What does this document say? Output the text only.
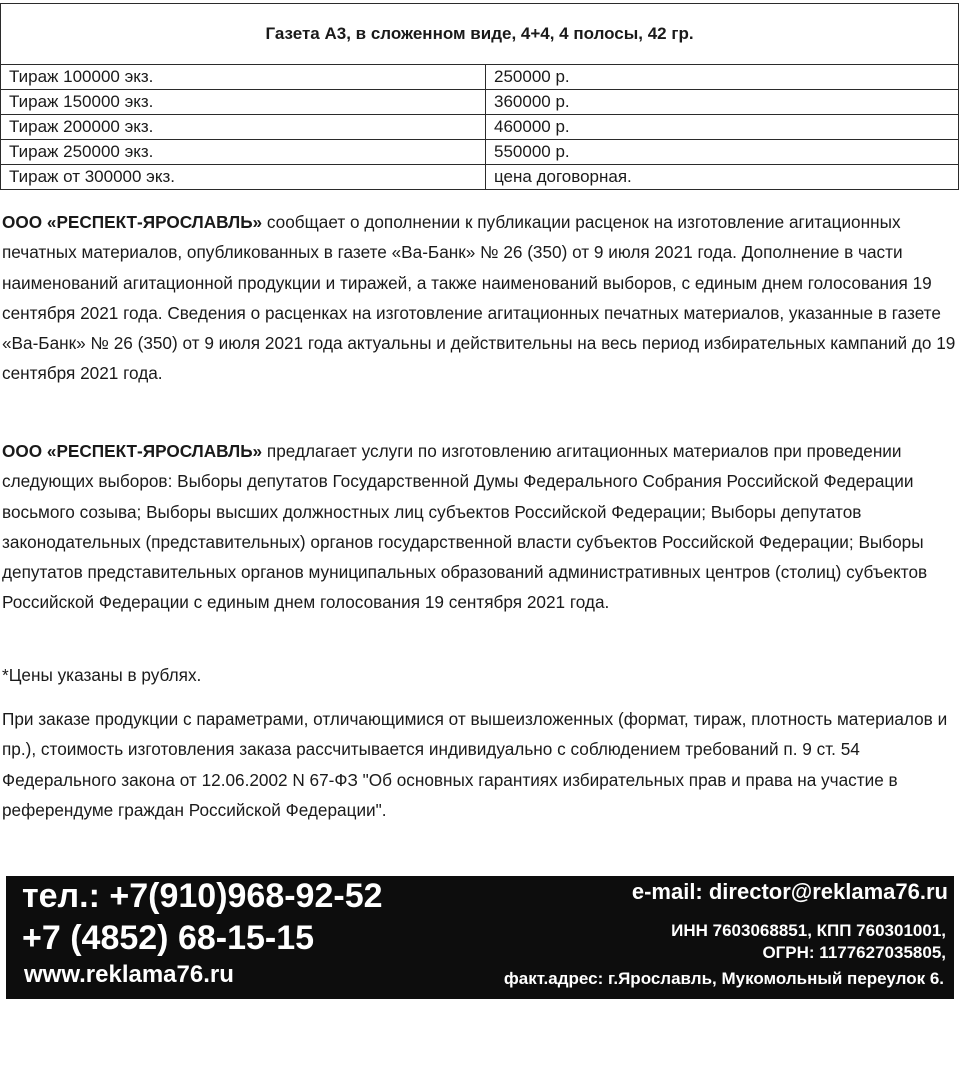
Газета А3, в сложенном виде, 4+4, 4 полосы, 42 гр.	
Тираж 100000 экз.	250000 р.
Тираж 150000 экз.	360000 р.
Тираж 200000 экз.	460000 р.
Тираж 250000 экз.	550000 р.
Тираж от 300000 экз.	цена договорная.

ООО «РЕСПЕКТ-ЯРОСЛАВЛЬ» сообщает о дополнении к публикации расценок на изготовление агитационных печатных материалов, опубликованных в газете «Ва-Банк» № 26 (350) от 9 июля 2021 года. Дополнение в части наименований агитационной продукции и тиражей, а также наименований выборов, с единым днем голосования 19 сентября 2021 года. Сведения о расценках на изготовление агитационных печатных материалов, указанные в газете «Ва-Банк» № 26 (350) от 9 июля 2021 года актуальны и действительны на весь период избирательных кампаний до 19 сентября 2021 года.

ООО «РЕСПЕКТ-ЯРОСЛАВЛЬ» предлагает услуги по изготовлению агитационных материалов при проведении следующих выборов: Выборы депутатов Государственной Думы Федерального Собрания Российской Федерации восьмого созыва; Выборы высших должностных лиц субъектов Российской Федерации; Выборы депутатов законодательных (представительных) органов государственной власти субъектов Российской Федерации; Выборы депутатов представительных органов муниципальных образований административных центров (столиц) субъектов Российской Федерации с единым днем голосования 19 сентября 2021 года.

*Цены указаны в рублях.

При заказе продукции с параметрами, отличающимися от вышеизложенных (формат, тираж, плотность материалов и пр.), стоимость изготовления заказа рассчитывается индивидуально с соблюдением требований п. 9 ст. 54 Федерального закона от 12.06.2002 N 67-ФЗ "Об основных гарантиях избирательных прав и права на участие в референдуме граждан Российской Федерации".

тел.: +7(910)968-92-52
+7 (4852) 68-15-15
www.reklama76.ru
e-mail: director@reklama76.ru
ИНН 7603068851, КПП 760301001,
ОГРН: 1177627035805,
факт.адрес: г.Ярославль, Мукомольный переулок 6.
